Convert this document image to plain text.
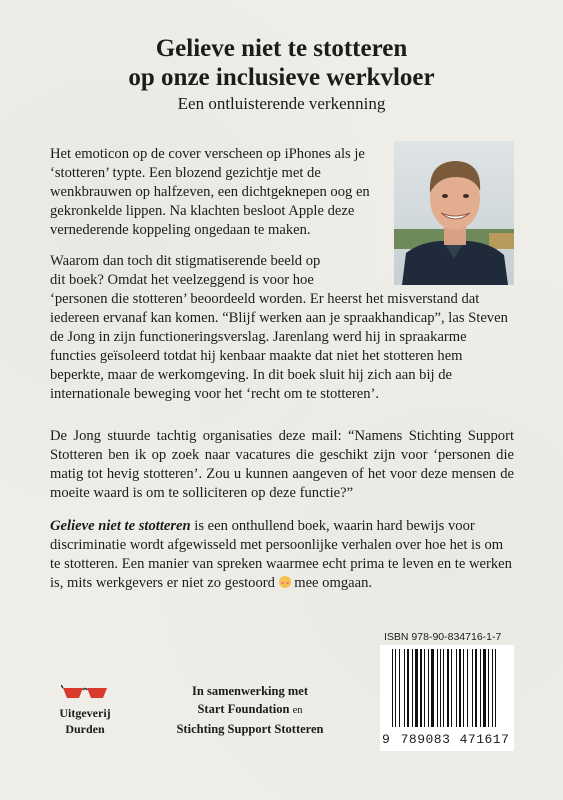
Gelieve niet te stotteren
op onze inclusieve werkvloer
Een ontluisterende verkenning

Het emoticon op de cover verscheen op iPhones als je ‘stotteren’ typte. Een blozend gezichtje met de wenkbrauwen op halfzeven, een dichtgeknepen oog en gekronkelde lippen. Na klachten besloot Apple deze vernederende koppeling ongedaan te maken.

Waarom dan toch dit stigmatiserende beeld op
dit boek? Omdat het veelzeggend is voor hoe
‘personen die stotteren’ beoordeeld worden. Er heerst het misverstand dat iedereen ervanaf kan komen. “Blijf werken aan je spraakhandicap”, las Steven de Jong in zijn functioneringsverslag. Jarenlang werd hij in spraakarme functies geïsoleerd totdat hij kenbaar maakte dat niet het stotteren hem beperkte, maar de werkomgeving. In dit boek sluit hij zich aan bij de internationale beweging voor het ‘recht om te stotteren’.

De Jong stuurde tachtig organisaties deze mail: “Namens Stichting Support Stotteren ben ik op zoek naar vacatures die geschikt zijn voor ‘personen die matig tot hevig stotteren’. Zou u kunnen aangeven of het voor deze mensen de moeite waard is om te solliciteren op deze functie?”

Gelieve niet te stotteren is een onthullend boek, waarin hard bewijs voor discriminatie wordt afgewisseld met persoonlijke verhalen over hoe het is om te stotteren. Een manier van spreken waarmee echt prima te leven en te werken is, mits werkgevers er niet zo gestoord  mee omgaan.

ISBN 978-90-834716-1-7
9 789083 471617
Uitgeverij
Durden
In samenwerking met
Start Foundation en
Stichting Support Stotteren
